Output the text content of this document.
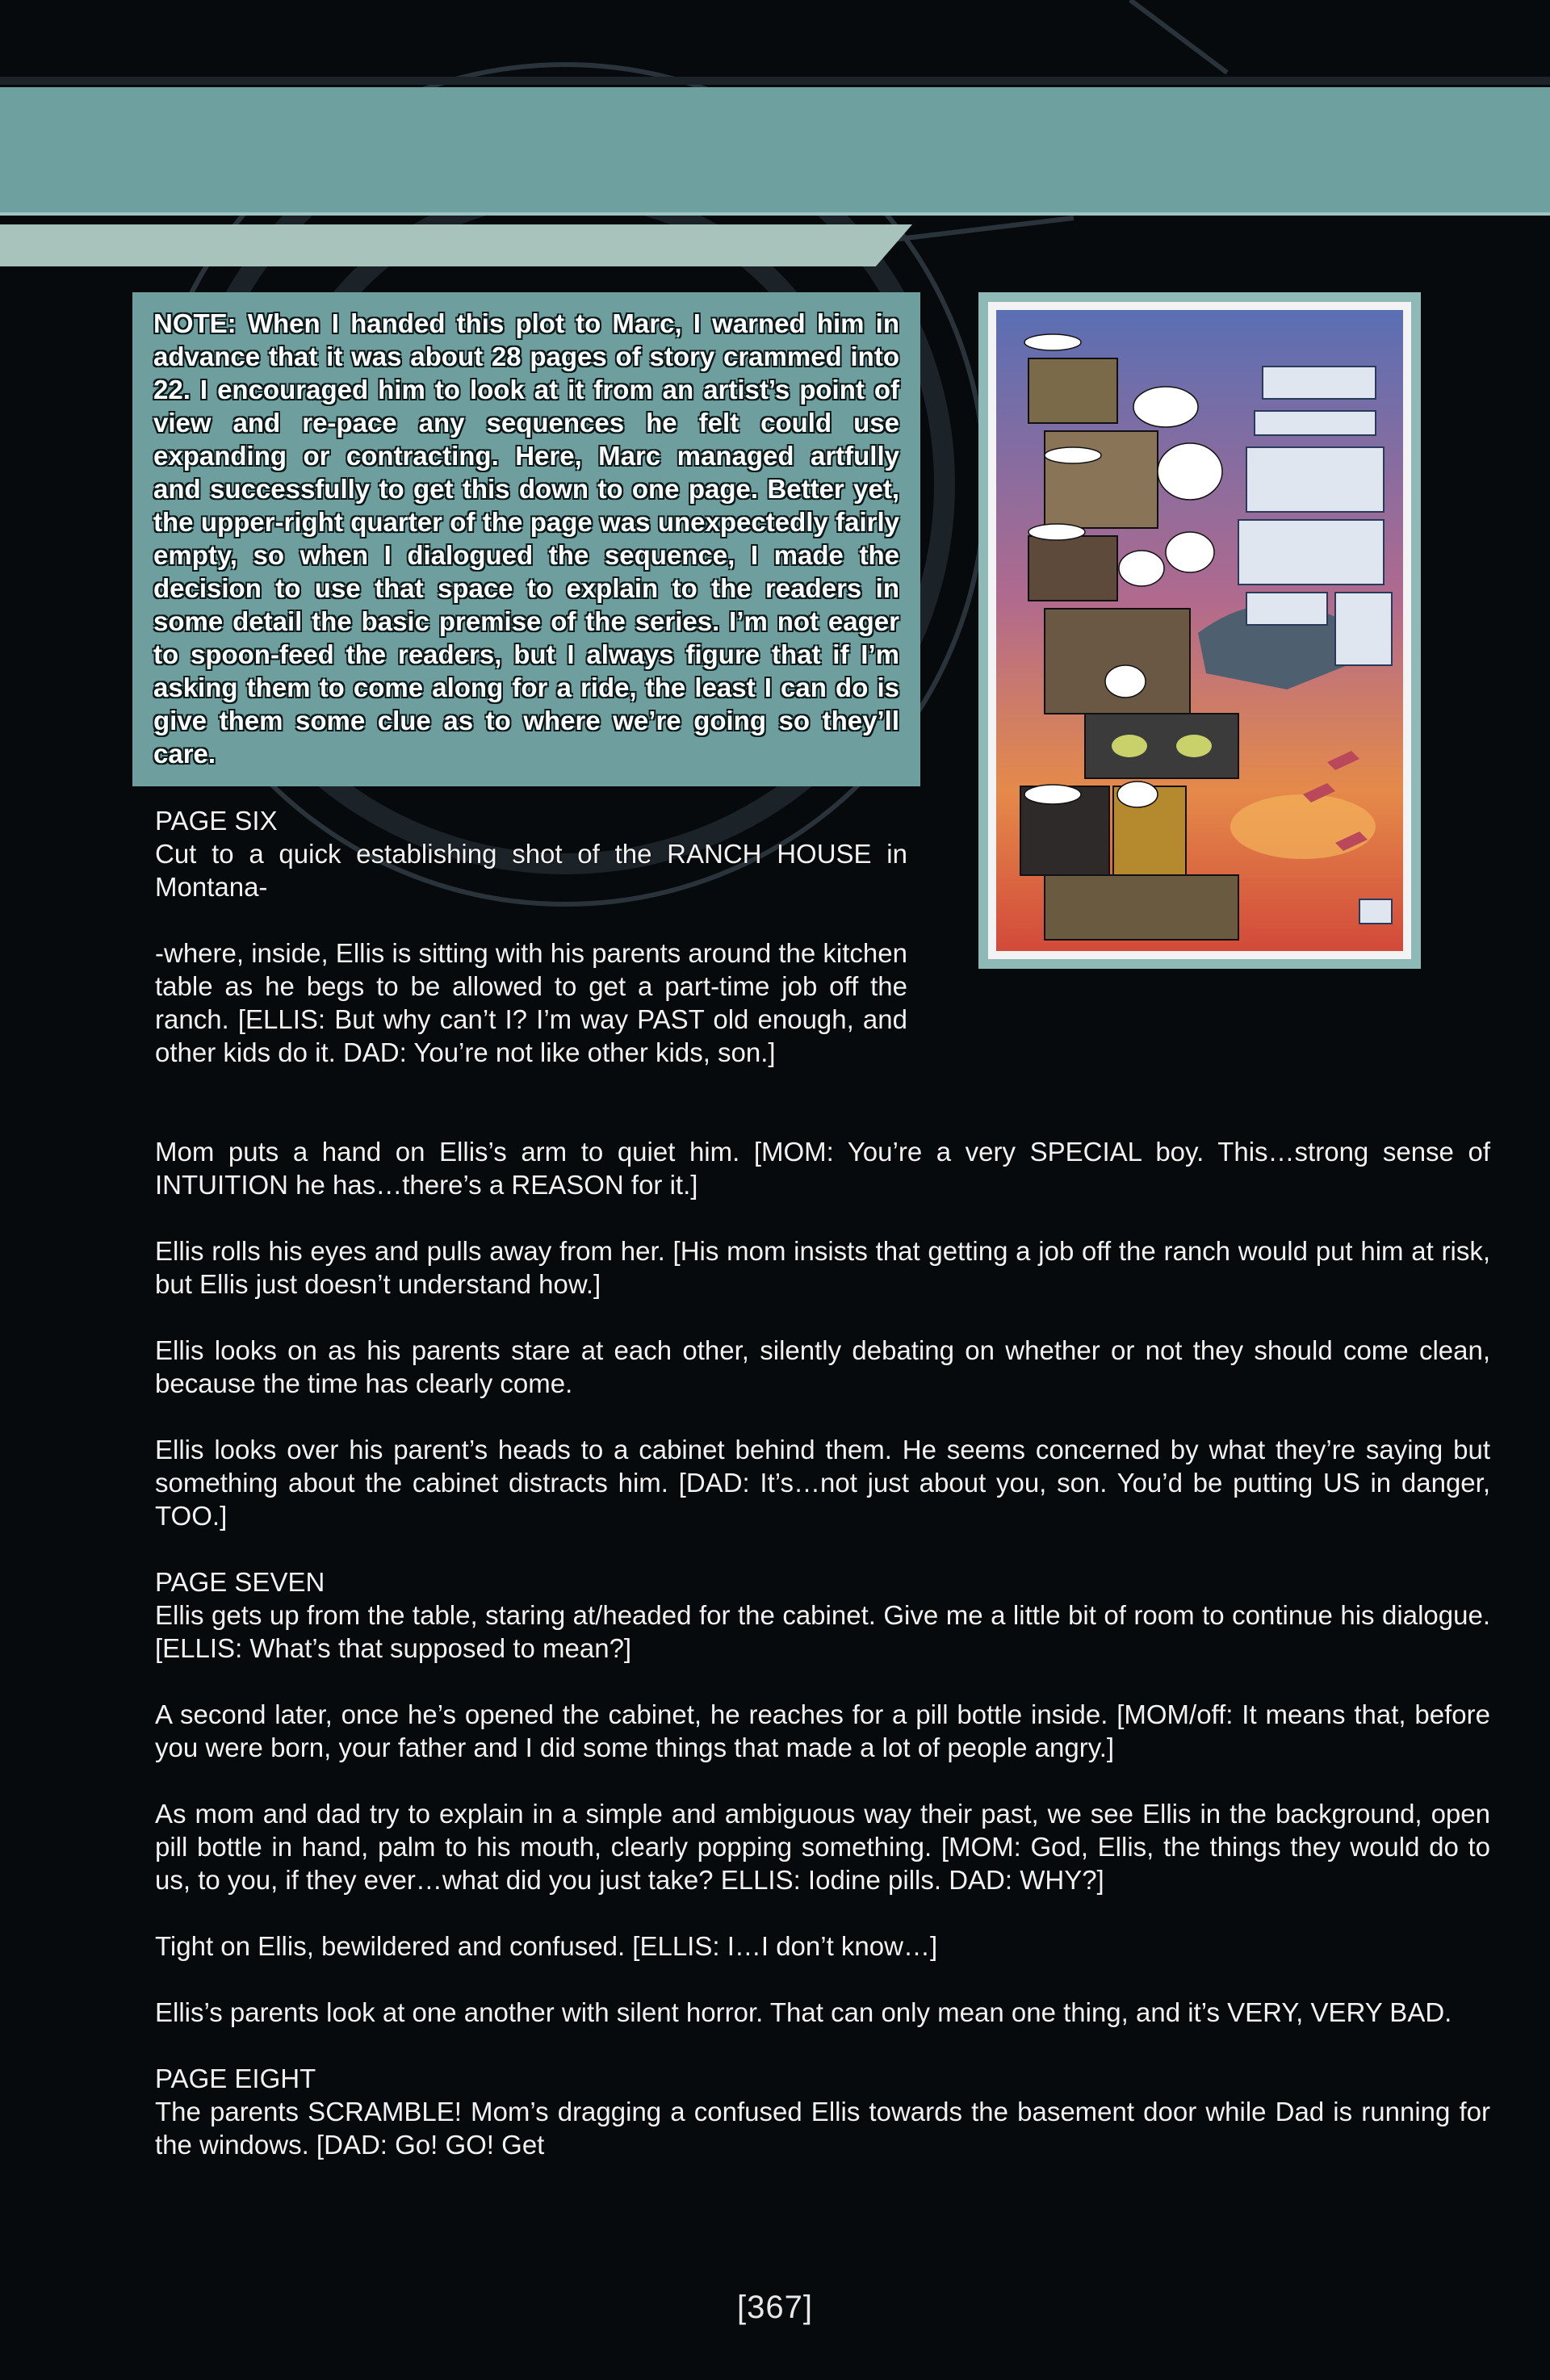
NOTE: When I handed this plot to Marc, I warned him in advance that it was about 28 pages of story crammed into 22. I encouraged him to look at it from an artist’s point of view and re-pace any sequences he felt could use expanding or contracting. Here, Marc managed artfully and successfully to get this down to one page. Better yet, the upper-right quarter of the page was unexpectedly fairly empty, so when I dialogued the sequence, I made the decision to use that space to explain to the readers in some detail the basic premise of the series. I’m not eager to spoon-feed the readers, but I always figure that if I’m asking them to come along for a ride, the least I can do is give them some clue as to where we’re going so they’ll care.

PAGE SIX
Cut to a quick establishing shot of the RANCH HOUSE in Montana-

-where, inside, Ellis is sitting with his parents around the kitchen table as he begs to be allowed to get a part-time job off the ranch. [ELLIS: But why can’t I? I’m way PAST old enough, and other kids do it. DAD: You’re not like other kids, son.]

Mom puts a hand on Ellis’s arm to quiet him. [MOM: You’re a very SPECIAL boy. This…strong sense of INTUITION he has…there’s a REASON for it.]

Ellis rolls his eyes and pulls away from her. [His mom insists that getting a job off the ranch would put him at risk, but Ellis just doesn’t understand how.]

Ellis looks on as his parents stare at each other, silently debating on whether or not they should come clean, because the time has clearly come.

Ellis looks over his parent’s heads to a cabinet behind them. He seems concerned by what they’re saying but something about the cabinet distracts him. [DAD: It’s…not just about you, son. You’d be putting US in danger, TOO.]

PAGE SEVEN
Ellis gets up from the table, staring at/headed for the cabinet. Give me a little bit of room to continue his dialogue. [ELLIS: What’s that supposed to mean?]

A second later, once he’s opened the cabinet, he reaches for a pill bottle inside. [MOM/off: It means that, before you were born, your father and I did some things that made a lot of people angry.]

As mom and dad try to explain in a simple and ambiguous way their past, we see Ellis in the background, open pill bottle in hand, palm to his mouth, clearly popping something. [MOM: God, Ellis, the things they would do to us, to you, if they ever…what did you just take? ELLIS: Iodine pills. DAD: WHY?]

Tight on Ellis, bewildered and confused. [ELLIS: I…I don’t know…]

Ellis’s parents look at one another with silent horror. That can only mean one thing, and it’s VERY, VERY BAD.

PAGE EIGHT
The parents SCRAMBLE! Mom’s dragging a confused Ellis towards the basement door while Dad is running for the windows. [DAD: Go! GO! Get

[367]
